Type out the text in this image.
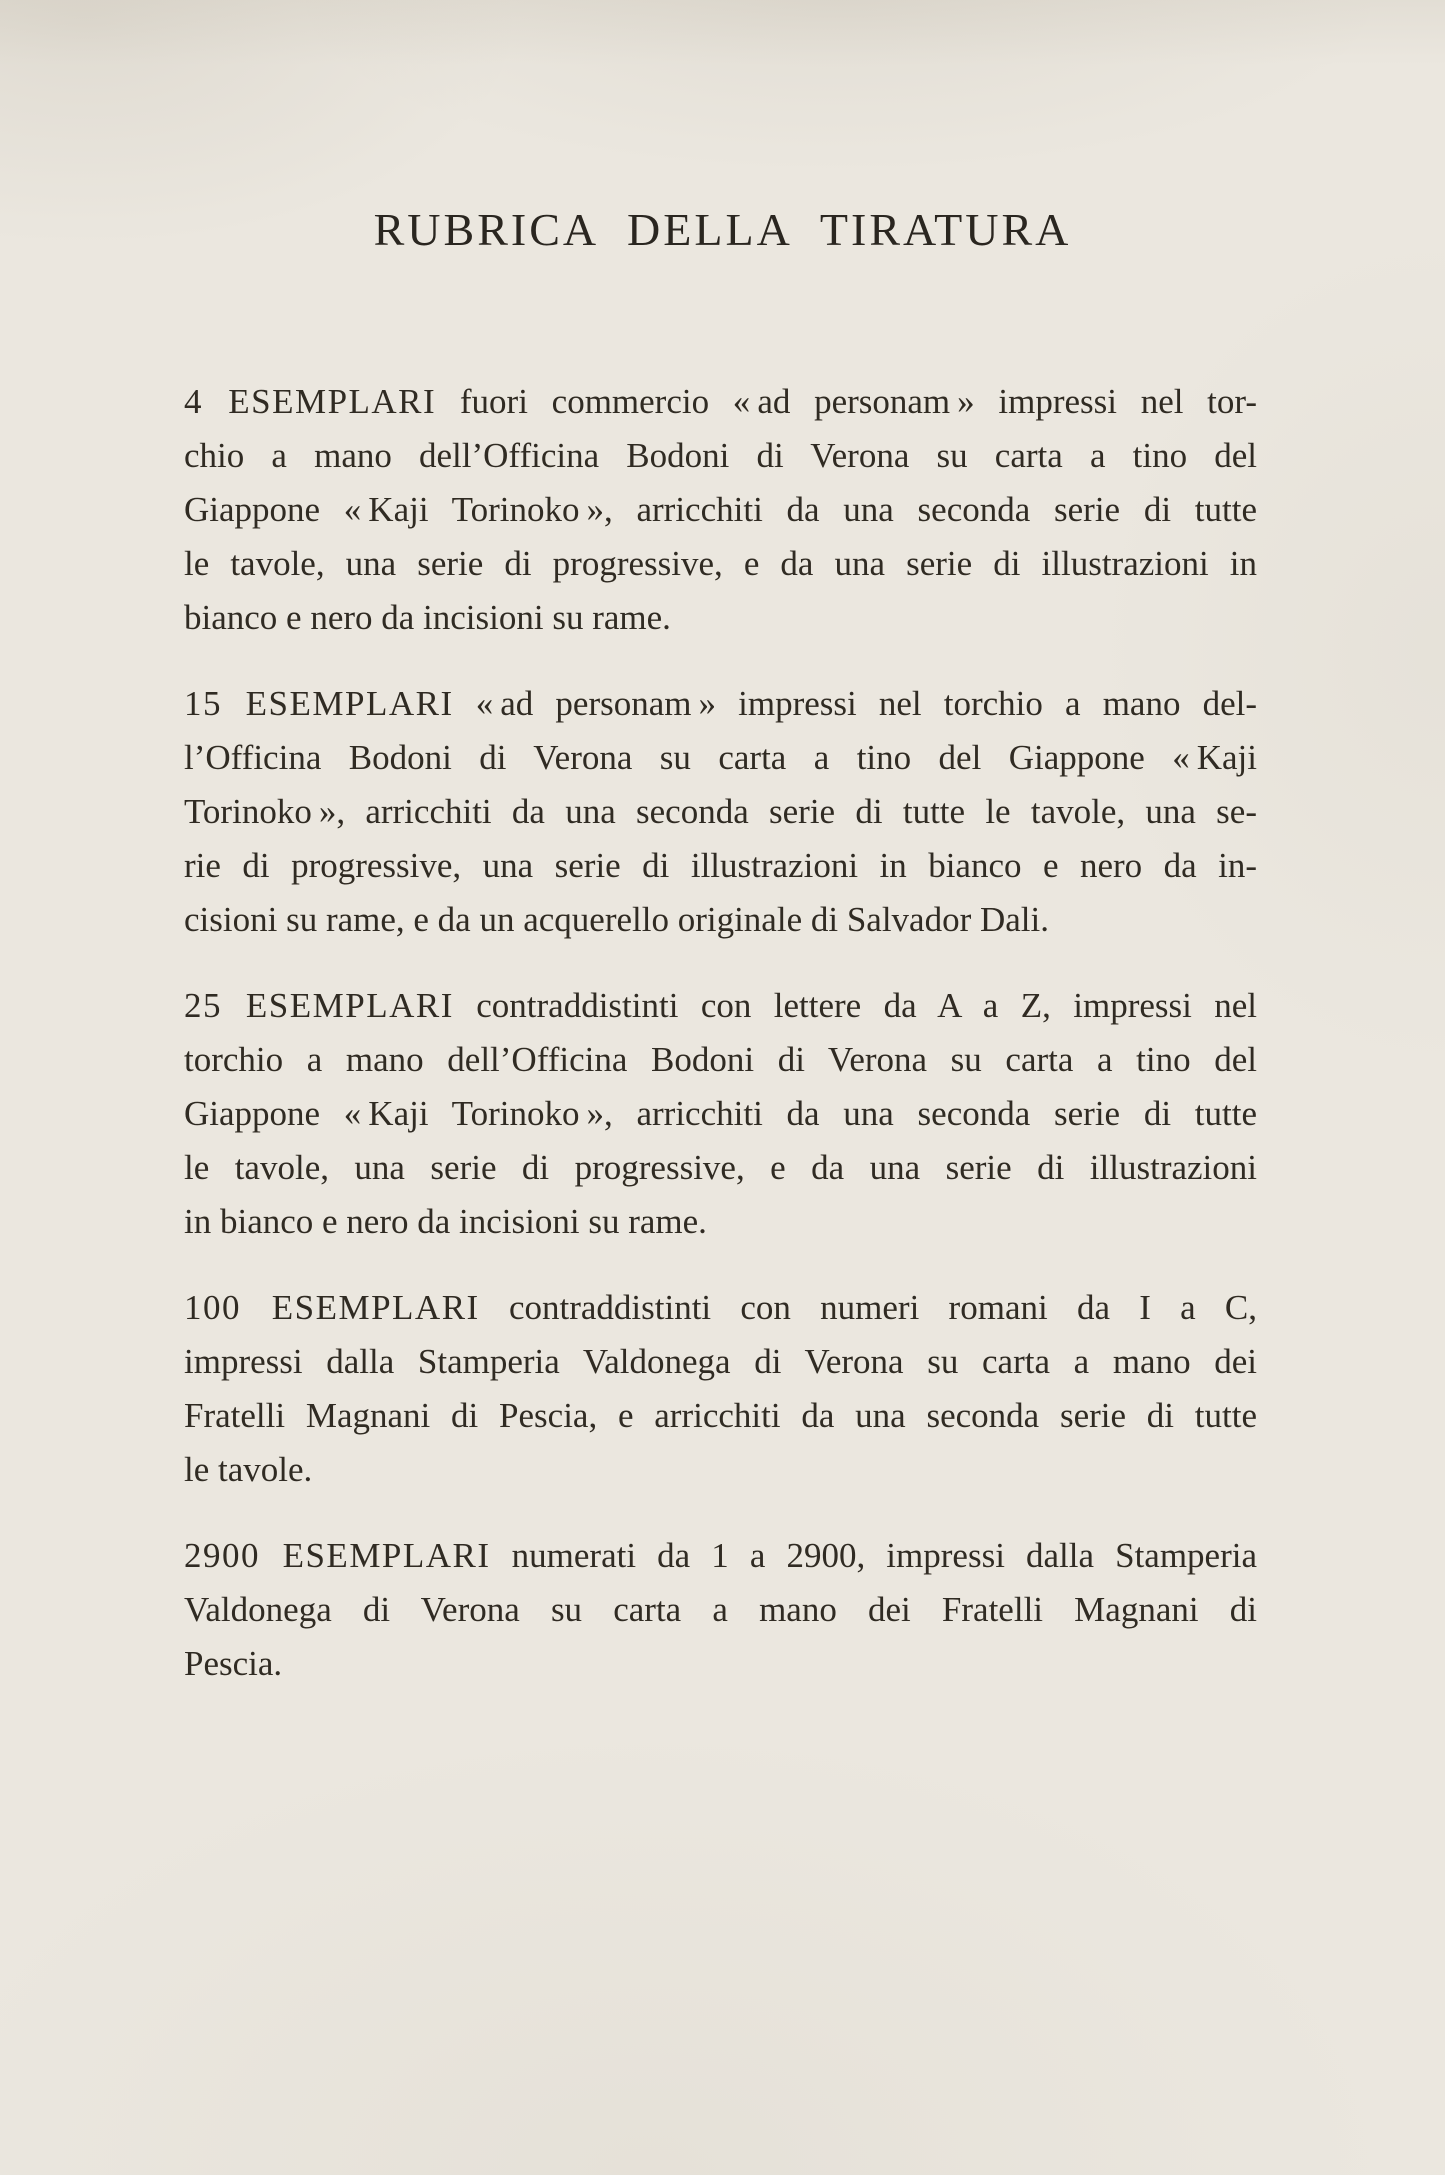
RUBRICA DELLA TIRATURA
4 ESEMPLARI fuori commercio « ad personam » impressi nel tor-
chio a mano dell’Officina Bodoni di Verona su carta a tino del
Giappone « Kaji Torinoko », arricchiti da una seconda serie di tutte
le tavole, una serie di progressive, e da una serie di illustrazioni in
bianco e nero da incisioni su rame.
15 ESEMPLARI « ad personam » impressi nel torchio a mano del-
l’Officina Bodoni di Verona su carta a tino del Giappone « Kaji
Torinoko », arricchiti da una seconda serie di tutte le tavole, una se-
rie di progressive, una serie di illustrazioni in bianco e nero da in-
cisioni su rame, e da un acquerello originale di Salvador Dali.
25 ESEMPLARI contraddistinti con lettere da A a Z, impressi nel
torchio a mano dell’Officina Bodoni di Verona su carta a tino del
Giappone « Kaji Torinoko », arricchiti da una seconda serie di tutte
le tavole, una serie di progressive, e da una serie di illustrazioni
in bianco e nero da incisioni su rame.
100 ESEMPLARI contraddistinti con numeri romani da I a C,
impressi dalla Stamperia Valdonega di Verona su carta a mano dei
Fratelli Magnani di Pescia, e arricchiti da una seconda serie di tutte
le tavole.
2900 ESEMPLARI numerati da 1 a 2900, impressi dalla Stamperia
Valdonega di Verona su carta a mano dei Fratelli Magnani di
Pescia.
